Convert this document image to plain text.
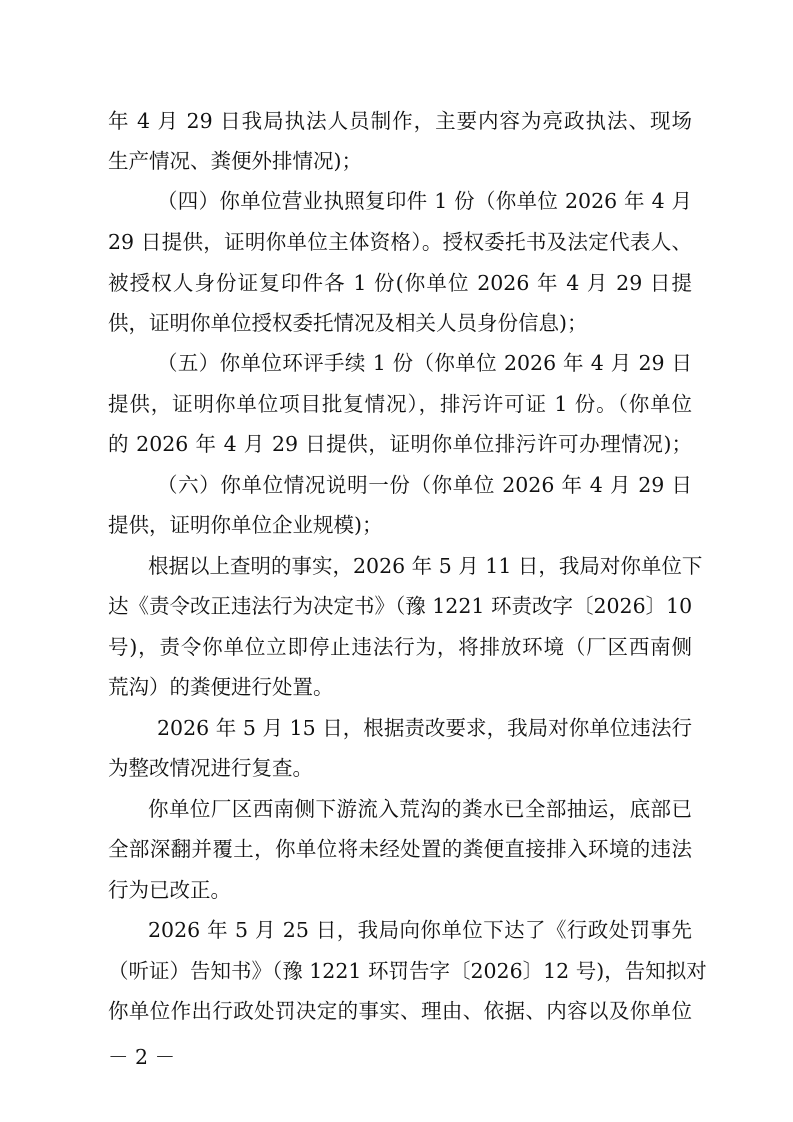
年 4 月 29 日我局执法人员制作，主要内容为亮政执法、现场
生产情况、粪便外排情况)；
（四）你单位营业执照复印件 1 份（你单位 2026 年 4 月
29 日提供，证明你单位主体资格）。授权委托书及法定代表人、
被授权人身份证复印件各 1 份(你单位 2026 年 4 月 29 日提
供，证明你单位授权委托情况及相关人员身份信息)；
（五）你单位环评手续 1 份（你单位 2026 年 4 月 29 日
提供，证明你单位项目批复情况），排污许可证 1 份。（你单位
的 2026 年 4 月 29 日提供，证明你单位排污许可办理情况)；
（六）你单位情况说明一份（你单位 2026 年 4 月 29 日
提供，证明你单位企业规模)；
根据以上查明的事实，2026 年 5 月 11 日，我局对你单位下
达《责令改正违法行为决定书》（豫 1221 环责改字〔2026〕10
号)，责令你单位立即停止违法行为，将排放环境（厂区西南侧
荒沟）的粪便进行处置。
2026 年 5 月 15 日，根据责改要求，我局对你单位违法行
为整改情况进行复查。
你单位厂区西南侧下游流入荒沟的粪水已全部抽运，底部已
全部深翻并覆土，你单位将未经处置的粪便直接排入环境的违法
行为已改正。
2026 年 5 月 25 日，我局向你单位下达了《行政处罚事先
（听证）告知书》（豫 1221 环罚告字〔2026〕12 号)，告知拟对
你单位作出行政处罚决定的事实、理由、依据、内容以及你单位
－ 2 －
